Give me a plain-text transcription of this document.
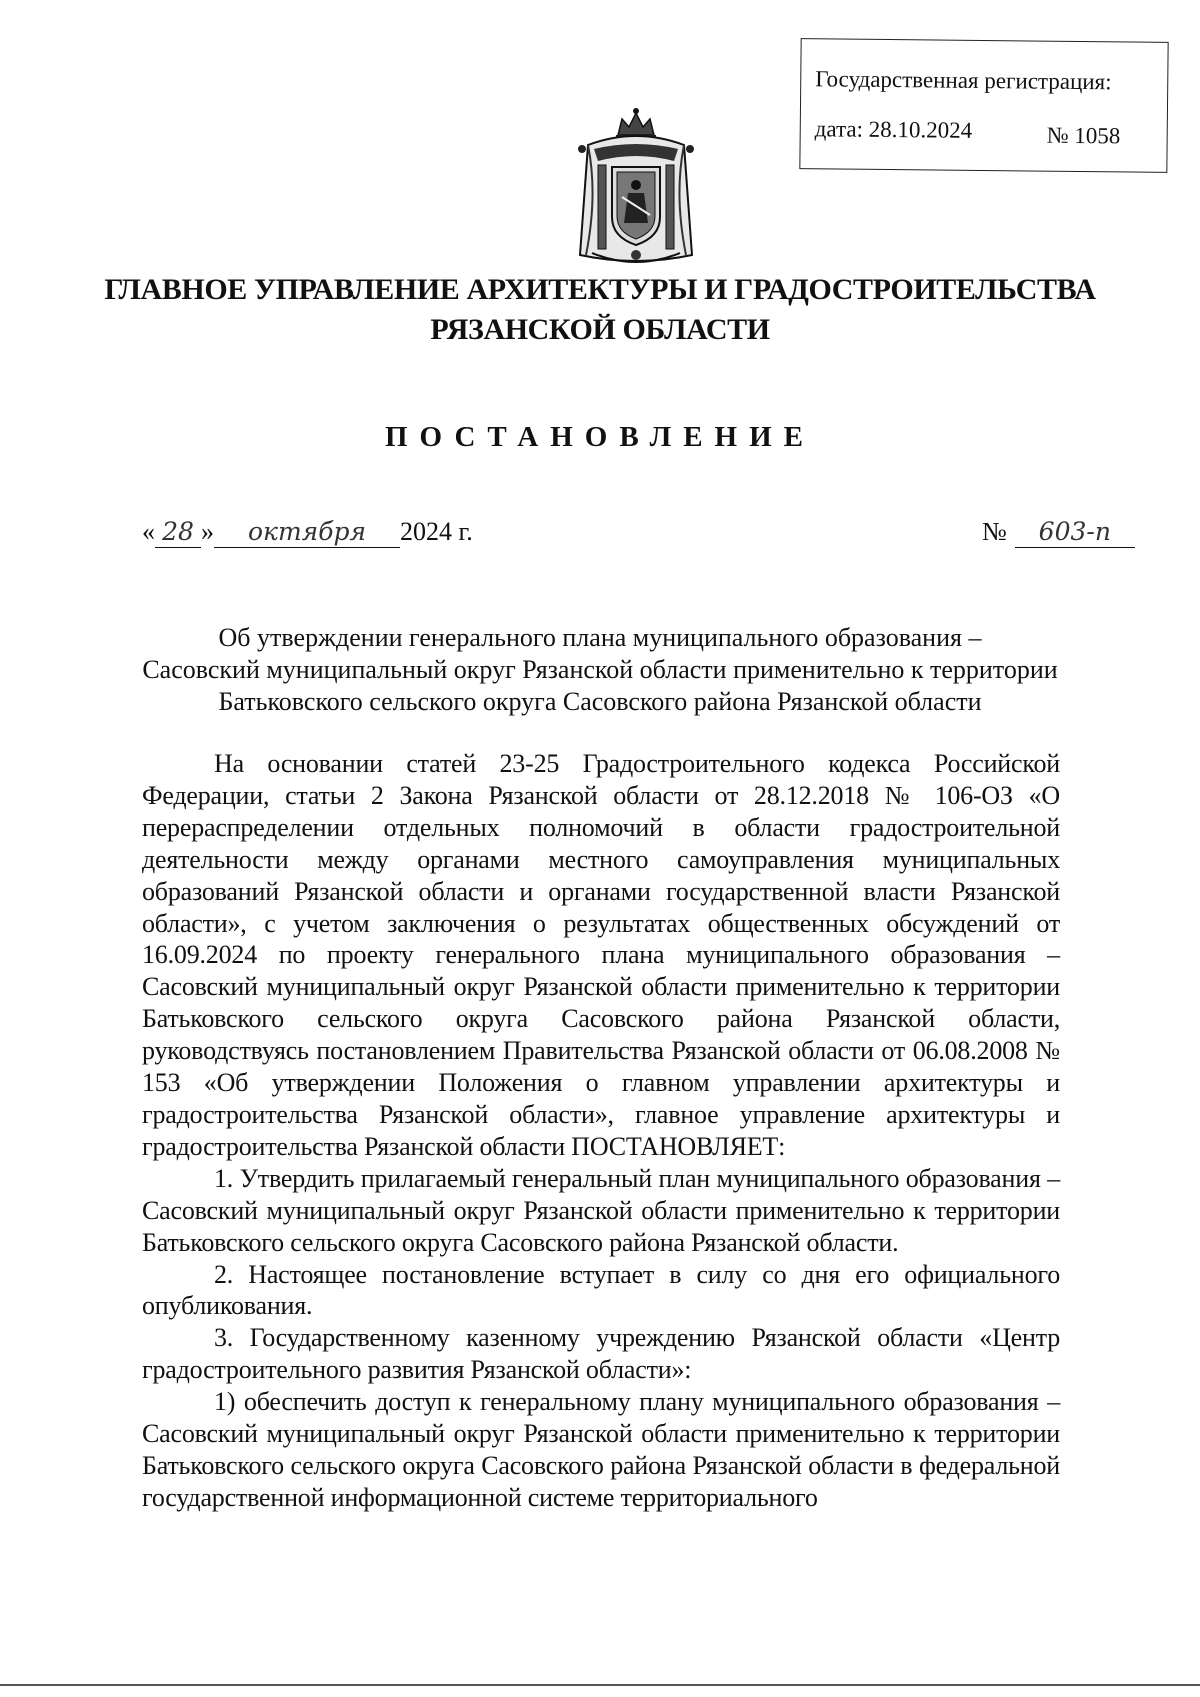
Государственная регистрация:
дата: 28.10.2024	№ 1058
ГЛАВНОЕ УПРАВЛЕНИЕ АРХИТЕКТУРЫ И ГРАДОСТРОИТЕЛЬСТВА
РЯЗАНСКОЙ ОБЛАСТИ
ПОСТАНОВЛЕНИЕ
« 28 » октября 2024 г.	№ 603-п
Об утверждении генерального плана муниципального образования –
Сасовский муниципальный округ Рязанской области применительно к территории
Батьковского сельского округа Сасовского района Рязанской области

На основании статей 23-25 Градостроительного кодекса Российской Федерации, статьи 2 Закона Рязанской области от 28.12.2018 № 106-ОЗ «О перераспределении отдельных полномочий в области градостроительной деятельности между органами местного самоуправления муниципальных образований Рязанской области и органами государственной власти Рязанской области», с учетом заключения о результатах общественных обсуждений от 16.09.2024 по проекту генерального плана муниципального образования – Сасовский муниципальный округ Рязанской области применительно к территории Батьковского сельского округа Сасовского района Рязанской области, руководствуясь постановлением Правительства Рязанской области от 06.08.2008 № 153 «Об утверждении Положения о главном управлении архитектуры и градостроительства Рязанской области», главное управление архитектуры и градостроительства Рязанской области ПОСТАНОВЛЯЕТ:

1. Утвердить прилагаемый генеральный план муниципального образования – Сасовский муниципальный округ Рязанской области применительно к территории Батьковского сельского округа Сасовского района Рязанской области.

2. Настоящее постановление вступает в силу со дня его официального опубликования.

3. Государственному казенному учреждению Рязанской области «Центр градостроительного развития Рязанской области»:

1) обеспечить доступ к генеральному плану муниципального образования – Сасовский муниципальный округ Рязанской области применительно к территории Батьковского сельского округа Сасовского района Рязанской области в федеральной государственной информационной системе территориального
